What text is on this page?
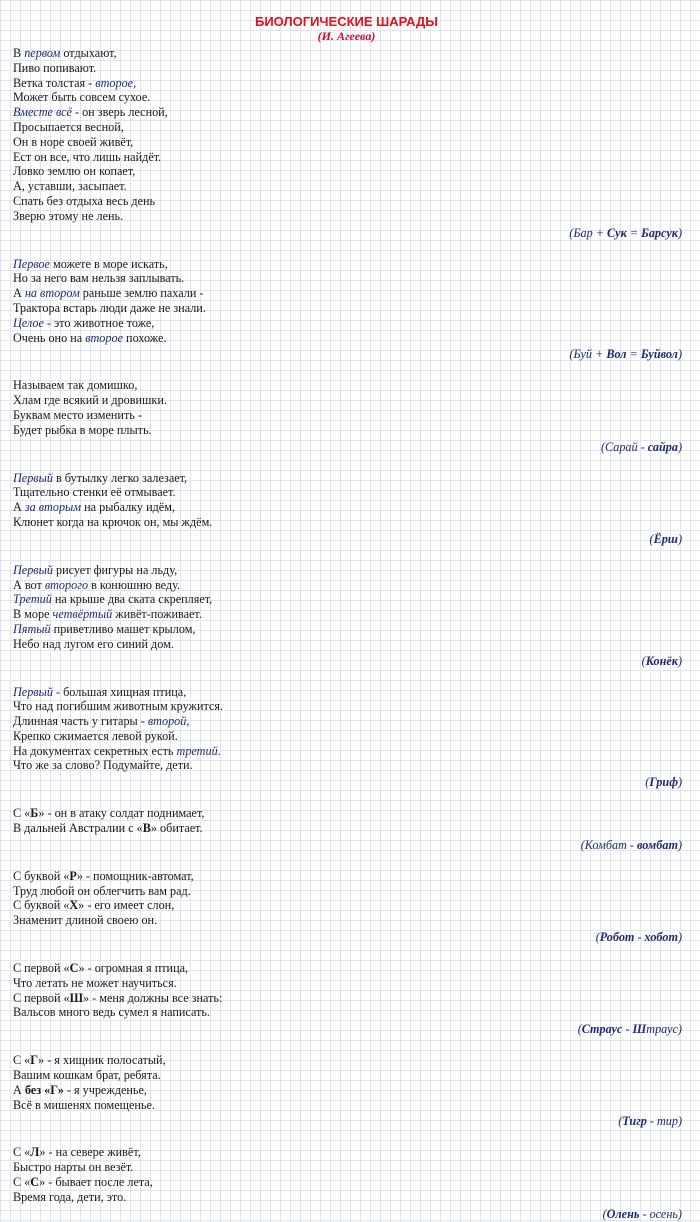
БИОЛОГИЧЕСКИЕ ШАРАДЫ
(И. Агеева)
В первом отдыхают,
Пиво попивают.
Ветка толстая - второе,
Может быть совсем сухое.
Вместе всё - он зверь лесной,
Просыпается весной,
Он в норе своей живёт,
Ест он все, что лишь найдёт.
Ловко землю он копает,
А, уставши, засыпает.
Спать без отдыха весь день
Зверю этому не лень.
(Бар + Сук = Барсук)
Первое можете в море искать,
Но за него вам нельзя заплывать.
А на втором раньше землю пахали -
Трактора встарь люди даже не знали.
Целое - это животное тоже,
Очень оно на второе похоже.
(Буй + Вол = Буйвол)
Называем так домишко,
Хлам где всякий и дровишки.
Буквам место изменить -
Будет рыбка в море плыть.
(Сарай - сайра)
Первый в бутылку легко залезает,
Тщательно стенки её отмывает.
А за вторым на рыбалку идём,
Клюнет когда на крючок он, мы ждём.
(Ёрш)
Первый рисует фигуры на льду,
А вот второго в конюшню веду.
Третий на крыше два ската скрепляет,
В море четвёртый живёт-поживает.
Пятый приветливо машет крылом,
Небо над лугом его синий дом.
(Конёк)
Первый - большая хищная птица,
Что над погибшим животным кружится.
Длинная часть у гитары - второй,
Крепко сжимается левой рукой.
На документах секретных есть третий.
Что же за слово? Подумайте, дети.
(Гриф)
С «Б» - он в атаку солдат поднимает,
В дальней Австралии с «В» обитает.
(Комбат - вомбат)
С буквой «Р» - помощник-автомат,
Труд любой он облегчить вам рад.
С буквой «Х» - его имеет слон,
Знаменит длиной своею он.
(Робот - хобот)
С первой «С» - огромная я птица,
Что летать не может научиться.
С первой «Ш» - меня должны все знать:
Вальсов много ведь сумел я написать.
(Страус - Штраус)
С «Г» - я хищник полосатый,
Вашим кошкам брат, ребята.
А без «Г» - я учрежденье,
Всё в мишенях помещенье.
(Тигр - тир)
С «Л» - на севере живёт,
Быстро нарты он везёт.
С «С» - бывает после лета,
Время года, дети, это.
(Олень - осень)
